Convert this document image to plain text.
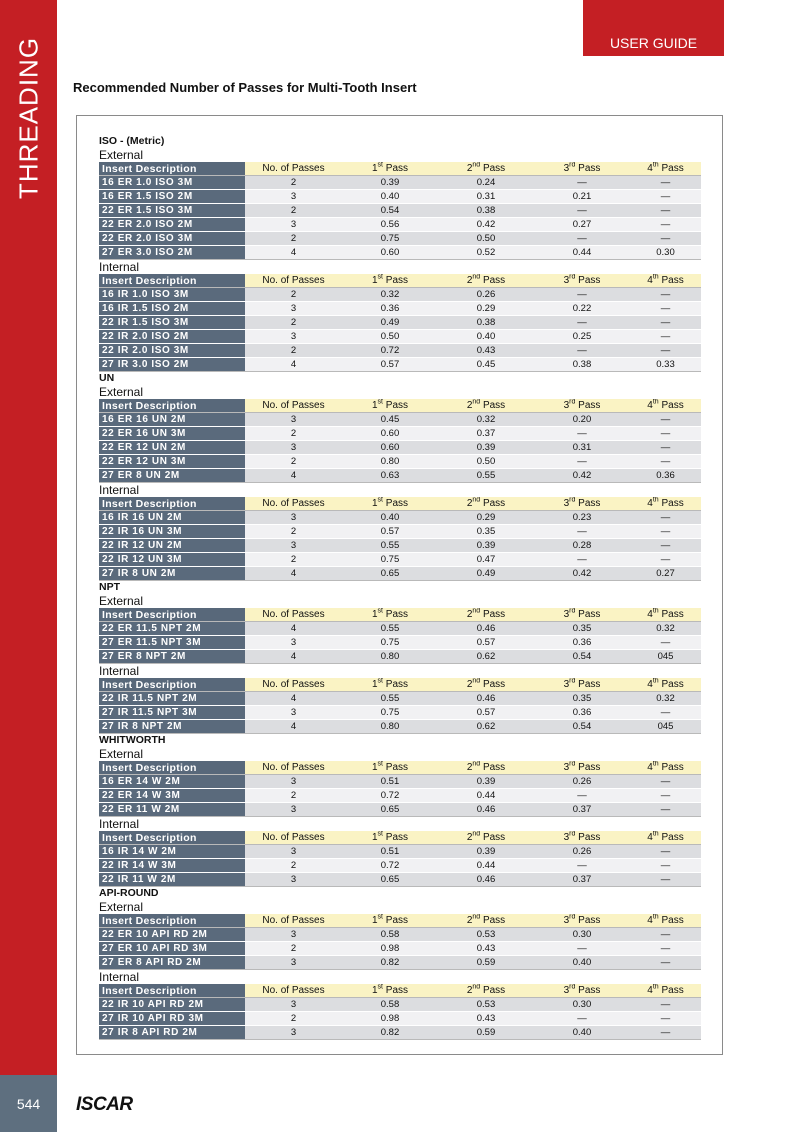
THREADING
544	ISCAR
USER GUIDE
Recommended Number of Passes for Multi-Tooth Insert
ISO - (Metric)
External
Insert Description	No. of Passes	1st Pass	2nd Pass	3rd Pass	4th Pass
16 ER 1.0 ISO 3M	2	0.39	0.24	—	—
16 ER 1.5 ISO 2M	3	0.40	0.31	0.21	—
22 ER 1.5 ISO 3M	2	0.54	0.38	—	—
22 ER 2.0 ISO 2M	3	0.56	0.42	0.27	—
22 ER 2.0 ISO 3M	2	0.75	0.50	—	—
27 ER 3.0 ISO 2M	4	0.60	0.52	0.44	0.30
Internal
Insert Description	No. of Passes	1st Pass	2nd Pass	3rd Pass	4th Pass
16 IR 1.0 ISO 3M	2	0.32	0.26	—	—
16 IR 1.5 ISO 2M	3	0.36	0.29	0.22	—
22 IR 1.5 ISO 3M	2	0.49	0.38	—	—
22 IR 2.0 ISO 2M	3	0.50	0.40	0.25	—
22 IR 2.0 ISO 3M	2	0.72	0.43	—	—
27 IR 3.0 ISO 2M	4	0.57	0.45	0.38	0.33
UN
External
Insert Description	No. of Passes	1st Pass	2nd Pass	3rd Pass	4th Pass
16 ER 16 UN 2M	3	0.45	0.32	0.20	—
22 ER 16 UN 3M	2	0.60	0.37	—	—
22 ER 12 UN 2M	3	0.60	0.39	0.31	—
22 ER 12 UN 3M	2	0.80	0.50	—	—
27 ER 8 UN 2M	4	0.63	0.55	0.42	0.36
Internal
Insert Description	No. of Passes	1st Pass	2nd Pass	3rd Pass	4th Pass
16 IR 16 UN 2M	3	0.40	0.29	0.23	—
22 IR 16 UN 3M	2	0.57	0.35	—	—
22 IR 12 UN 2M	3	0.55	0.39	0.28	—
22 IR 12 UN 3M	2	0.75	0.47	—	—
27 IR 8 UN 2M	4	0.65	0.49	0.42	0.27
NPT
External
Insert Description	No. of Passes	1st Pass	2nd Pass	3rd Pass	4th Pass
22 ER 11.5 NPT 2M	4	0.55	0.46	0.35	0.32
27 ER 11.5 NPT 3M	3	0.75	0.57	0.36	—
27 ER 8 NPT 2M	4	0.80	0.62	0.54	045
Internal
Insert Description	No. of Passes	1st Pass	2nd Pass	3rd Pass	4th Pass
22 IR 11.5 NPT 2M	4	0.55	0.46	0.35	0.32
27 IR 11.5 NPT 3M	3	0.75	0.57	0.36	—
27 IR 8 NPT 2M	4	0.80	0.62	0.54	045
WHITWORTH
External
Insert Description	No. of Passes	1st Pass	2nd Pass	3rd Pass	4th Pass
16 ER 14 W 2M	3	0.51	0.39	0.26	—
22 ER 14 W 3M	2	0.72	0.44	—	—
22 ER 11 W 2M	3	0.65	0.46	0.37	—
Internal
Insert Description	No. of Passes	1st Pass	2nd Pass	3rd Pass	4th Pass
16 IR 14 W 2M	3	0.51	0.39	0.26	—
22 IR 14 W 3M	2	0.72	0.44	—	—
22 IR 11 W 2M	3	0.65	0.46	0.37	—
API-ROUND
External
Insert Description	No. of Passes	1st Pass	2nd Pass	3rd Pass	4th Pass
22 ER 10 API RD 2M	3	0.58	0.53	0.30	—
27 ER 10 API RD 3M	2	0.98	0.43	—	—
27 ER 8 API RD 2M	3	0.82	0.59	0.40	—
Internal
Insert Description	No. of Passes	1st Pass	2nd Pass	3rd Pass	4th Pass
22 IR 10 API RD 2M	3	0.58	0.53	0.30	—
27 IR 10 API RD 3M	2	0.98	0.43	—	—
27 IR 8 API RD 2M	3	0.82	0.59	0.40	—
